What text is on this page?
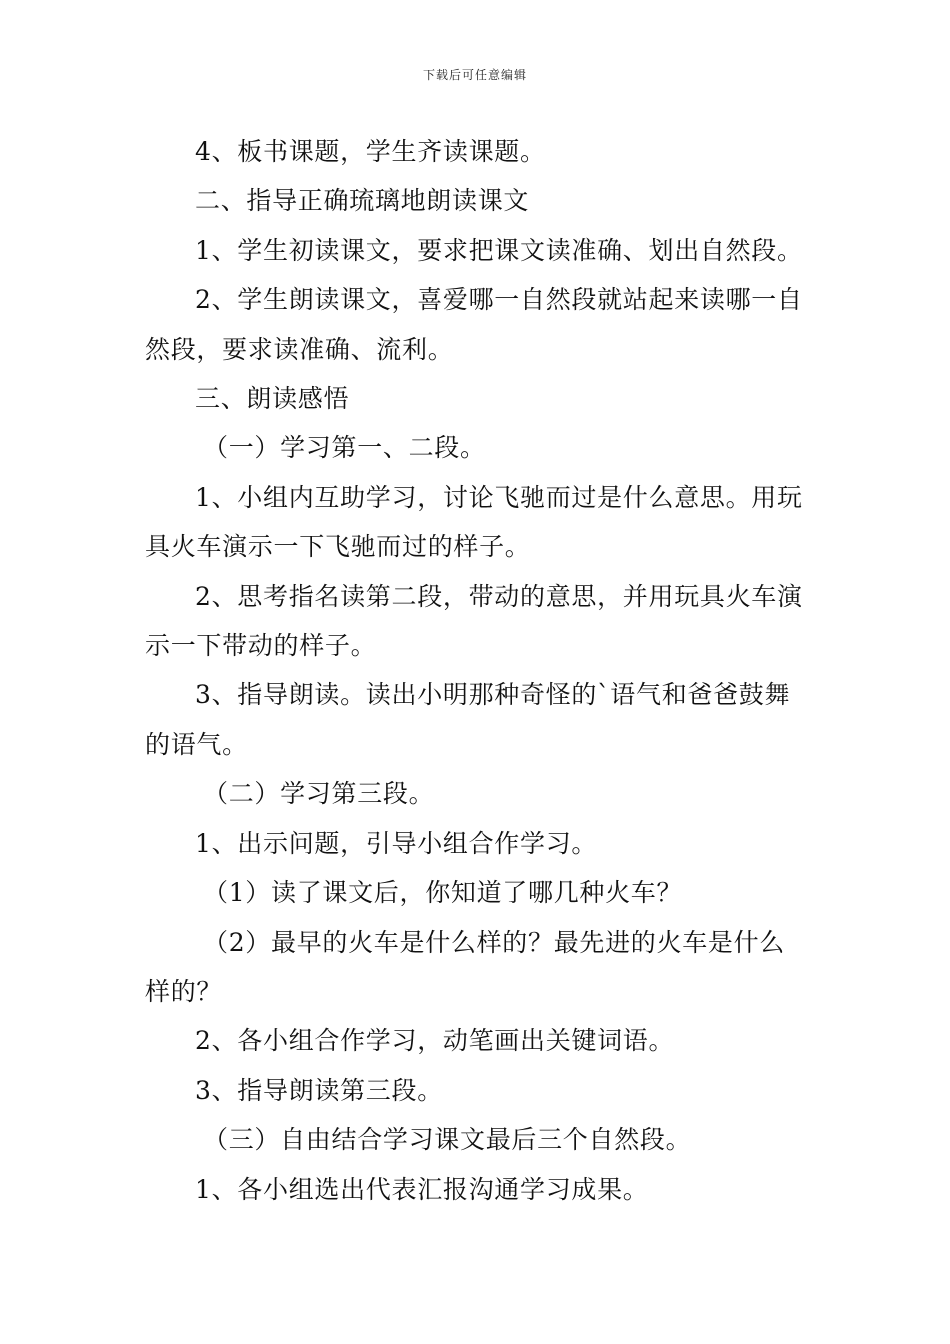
下载后可任意编辑

4、板书课题，学生齐读课题。

二、指导正确琉璃地朗读课文

1、学生初读课文，要求把课文读准确、划出自然段。

2、学生朗读课文，喜爱哪一自然段就站起来读哪一自然段，要求读准确、流利。

三、朗读感悟

（一）学习第一、二段。

1、小组内互助学习，讨论飞驰而过是什么意思。用玩具火车演示一下飞驰而过的样子。

2、思考指名读第二段，带动的意思，并用玩具火车演示一下带动的样子。

3、指导朗读。读出小明那种奇怪的`语气和爸爸鼓舞的语气。

（二）学习第三段。

1、出示问题，引导小组合作学习。

（1）读了课文后，你知道了哪几种火车？

（2）最早的火车是什么样的？最先进的火车是什么样的？

2、各小组合作学习，动笔画出关键词语。

3、指导朗读第三段。

（三）自由结合学习课文最后三个自然段。

1、各小组选出代表汇报沟通学习成果。
